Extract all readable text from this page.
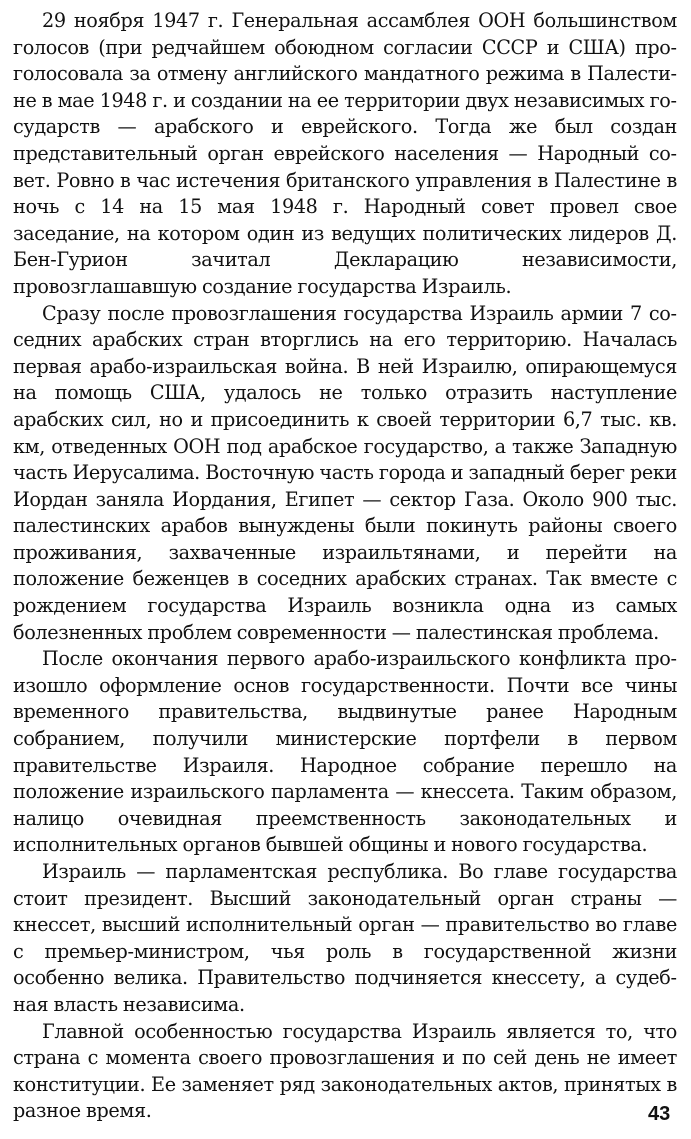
29 ноября 1947 г. Генеральная ассамблея ООН большинством голосов (при редчайшем обоюдном согласии СССР и США) проголосовала за отмену английского мандатного режима в Палестине в мае 1948 г. и создании на ее территории двух независимых государств — арабского и еврейского. Тогда же был создан представительный орган еврейского населения — Народный совет. Ровно в час истечения британского управления в Палестине в ночь с 14 на 15 мая 1948 г. Народный совет провел свое заседание, на котором один из ведущих политических лидеров Д. Бен-Гурион зачитал Декларацию независимости, провозглашавшую создание государства Израиль.

Сразу после провозглашения государства Израиль армии 7 соседних арабских стран вторглись на его территорию. Началась первая арабо-израильская война. В ней Израилю, опирающемуся на помощь США, удалось не только отразить наступление арабских сил, но и присоединить к своей территории 6,7 тыс. кв. км, отведенных ООН под арабское государство, а также Западную часть Иерусалима. Восточную часть города и западный берег реки Иордан заняла Иордания, Египет — сектор Газа. Около 900 тыс. палестинских арабов вынуждены были покинуть районы своего проживания, захваченные израильтянами, и перейти на положение беженцев в соседних арабских странах. Так вместе с рождением государства Израиль возникла одна из самых болезненных проблем современности — палестинская проблема.

После окончания первого арабо-израильского конфликта произошло оформление основ государственности. Почти все чины временного правительства, выдвинутые ранее Народным собранием, получили министерские портфели в первом правительстве Израиля. Народное собрание перешло на положение израильского парламента — кнессета. Таким образом, налицо очевидная преемственность законодательных и исполнительных органов бывшей общины и нового государства.

Израиль — парламентская республика. Во главе государства стоит президент. Высший законодательный орган страны — кнессет, высший исполнительный орган — правительство во главе с премьер-министром, чья роль в государственной жизни особенно велика. Правительство подчиняется кнессету, а судебная власть независима.

Главной особенностью государства Израиль является то, что страна с момента своего провозглашения и по сей день не имеет конституции. Ее заменяет ряд законодательных актов, принятых в разное время.	43
